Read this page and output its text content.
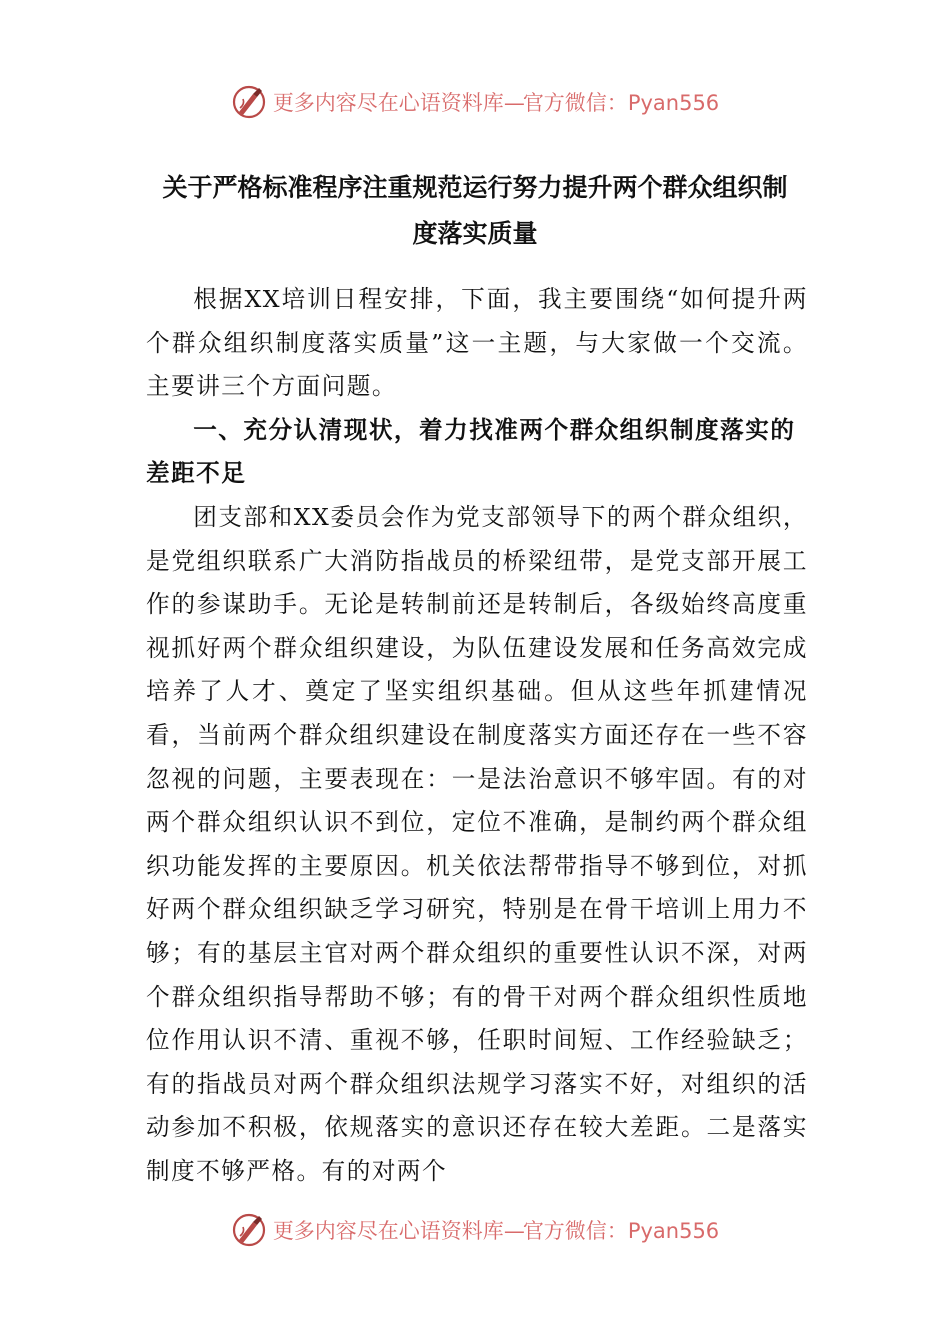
更多内容尽在心语资料库—官方微信：Pyan556
关于严格标准程序注重规范运行努力提升两个群众组织制
度落实质量

根据XX培训日程安排，下面，我主要围绕“如何提升两个群众组织制度落实质量”这一主题，与大家做一个交流。主要讲三个方面问题。

一、充分认清现状，着力找准两个群众组织制度落实的差距不足

团支部和XX委员会作为党支部领导下的两个群众组织，是党组织联系广大消防指战员的桥梁纽带，是党支部开展工作的参谋助手。无论是转制前还是转制后，各级始终高度重视抓好两个群众组织建设，为队伍建设发展和任务高效完成培养了人才、奠定了坚实组织基础。但从这些年抓建情况看，当前两个群众组织建设在制度落实方面还存在一些不容忽视的问题，主要表现在：一是法治意识不够牢固。有的对两个群众组织认识不到位，定位不准确，是制约两个群众组织功能发挥的主要原因。机关依法帮带指导不够到位，对抓好两个群众组织缺乏学习研究，特别是在骨干培训上用力不够；有的基层主官对两个群众组织的重要性认识不深，对两个群众组织指导帮助不够；有的骨干对两个群众组织性质地位作用认识不清、重视不够，任职时间短、工作经验缺乏；有的指战员对两个群众组织法规学习落实不好，对组织的活动参加不积极，依规落实的意识还存在较大差距。二是落实制度不够严格。有的对两个

更多内容尽在心语资料库—官方微信：Pyan556
